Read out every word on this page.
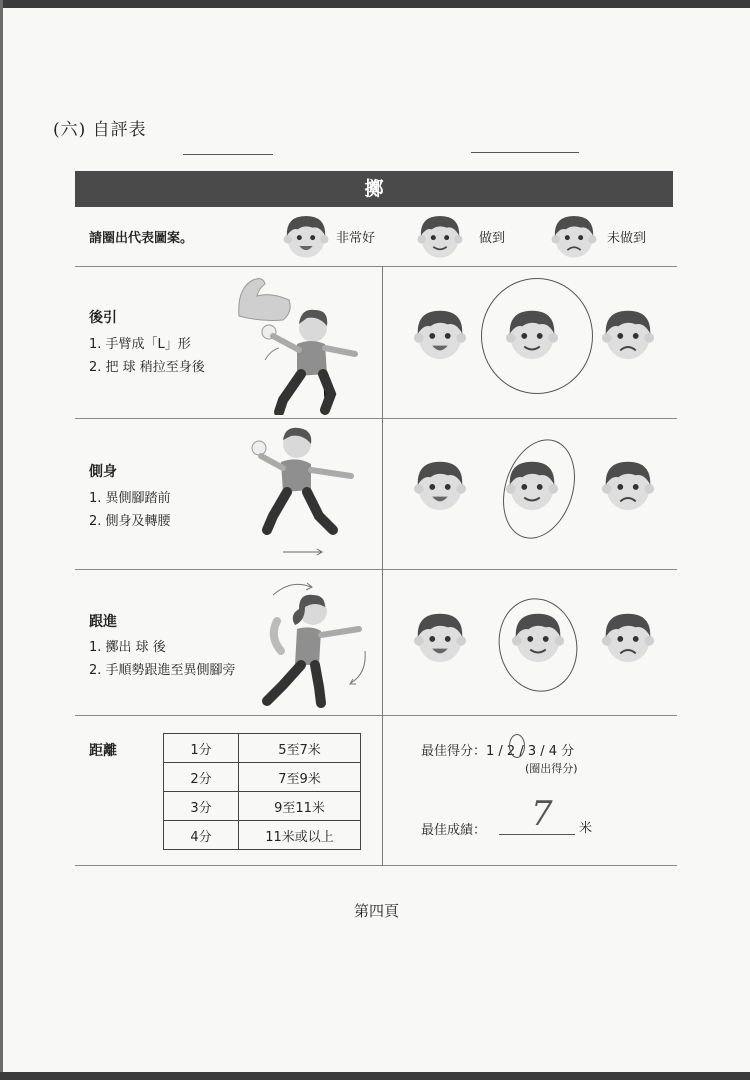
(六) 自評表
擲
請圈出代表圖案。	非常好	做到	未做到
後引
1. 手臂成「L」形
2. 把 球 稍拉至身後
側身
1. 異側腳踏前
2. 側身及轉腰
跟進
1. 擲出 球 後
2. 手順勢跟進至異側腳旁
距離	1分	5至7米
2分	7至9米
3分	9至11米
4分	11米或以上
最佳得分：1 / 2 / 3 / 4 分
(圈出得分)
最佳成績： 7 米
第四頁
